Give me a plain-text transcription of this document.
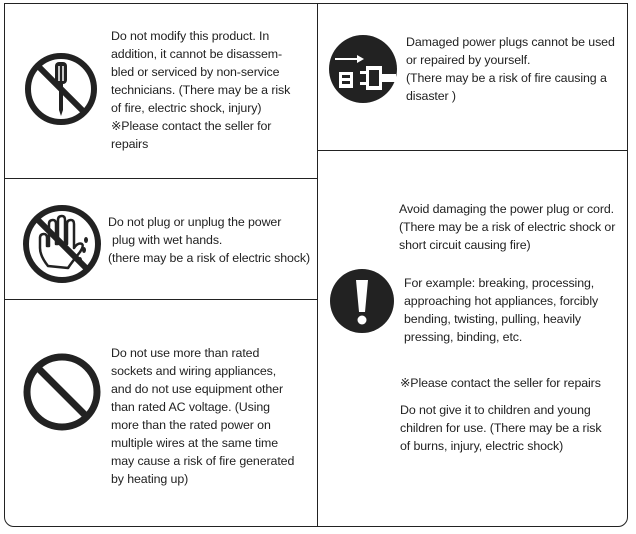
Do not modify this product. In
addition, it cannot be disassem-
bled or serviced by non-service
technicians. (There may be a risk
of fire, electric shock, injury)
※Please contact the seller for
repairs
Do not plug or unplug the power
plug with wet hands.
(there may be a risk of electric shock)
Do not use more than rated
sockets and wiring appliances,
and do not use equipment other
than rated AC voltage. (Using
more than the rated power on
multiple wires at the same time
may cause a risk of fire generated
by heating up)
Damaged power plugs cannot be used
or repaired by yourself.
(There may be a risk of fire causing a
disaster )
Avoid damaging the power plug or cord.
(There may be a risk of electric shock or
short circuit causing fire)
For example: breaking, processing,
approaching hot appliances, forcibly
bending, twisting, pulling, heavily
pressing, binding, etc.
※Please contact the seller for repairs
Do not give it to children and young
children for use. (There may be a risk
of burns, injury, electric shock)
